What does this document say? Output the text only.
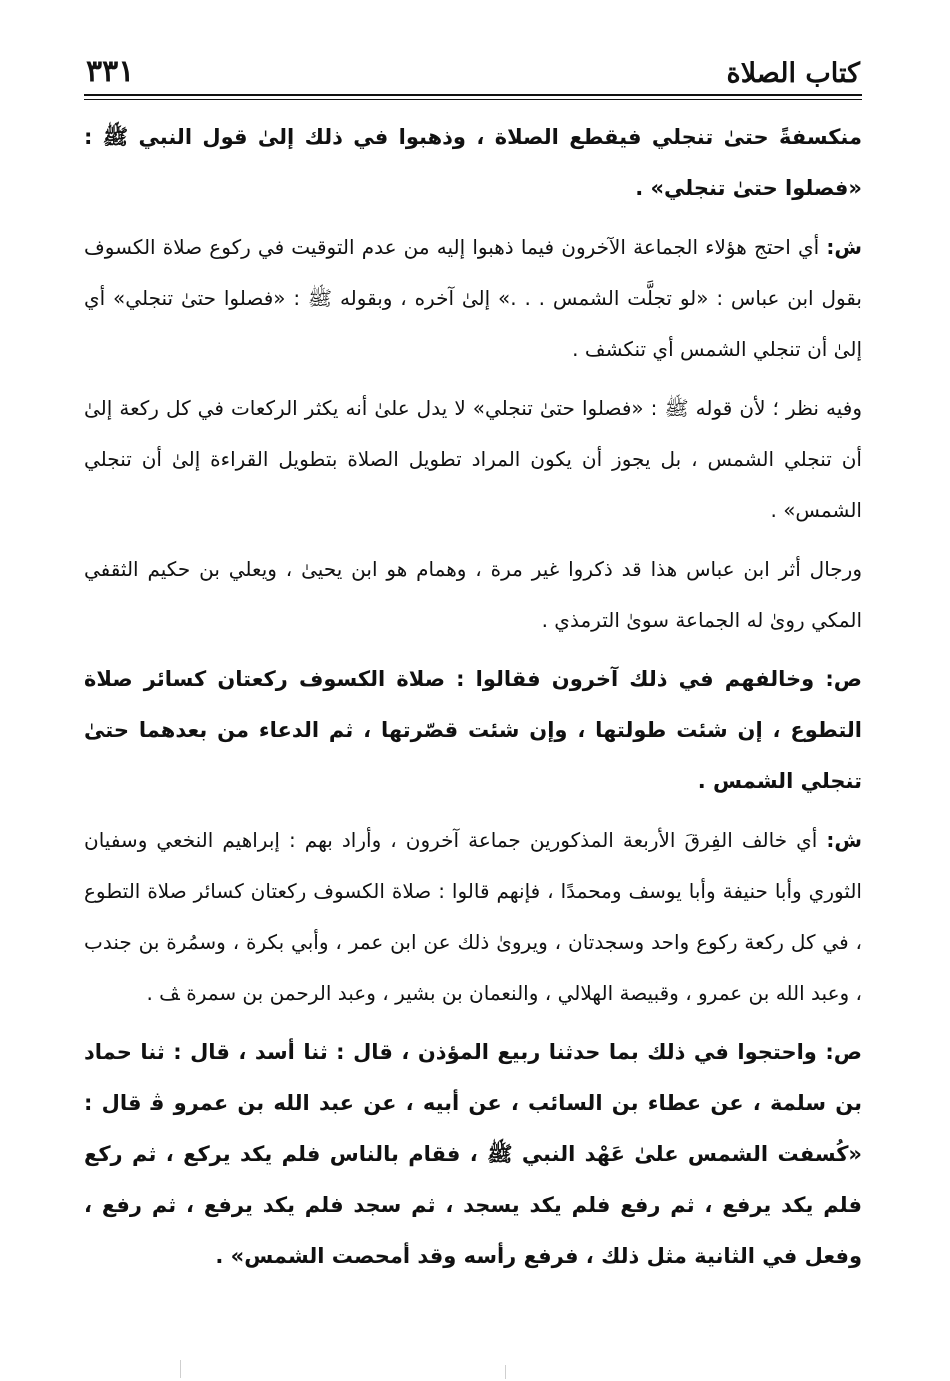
كتاب الصلاة
٣٣١

منكسفةً حتىٰ تنجلي فيقطع الصلاة ، وذهبوا في ذلك إلىٰ قول النبي ﷺ : «فصلوا حتىٰ تنجلي» .

ش: أي احتج هؤلاء الجماعة الآخرون فيما ذهبوا إليه من عدم التوقيت في ركوع صلاة الكسوف بقول ابن عباس : «لو تجلَّت الشمس . . .» إلىٰ آخره ، وبقوله ﷺ : «فصلوا حتىٰ تنجلي» أي إلىٰ أن تنجلي الشمس أي تنكشف .

وفيه نظر ؛ لأن قوله ﷺ : «فصلوا حتىٰ تنجلي» لا يدل علىٰ أنه يكثر الركعات في كل ركعة إلىٰ أن تنجلي الشمس ، بل يجوز أن يكون المراد تطويل الصلاة بتطويل القراءة إلىٰ أن تنجلي الشمس» .

ورجال أثر ابن عباس هذا قد ذكروا غير مرة ، وهمام هو ابن يحيىٰ ، ويعلي بن حكيم الثقفي المكي روىٰ له الجماعة سوىٰ الترمذي .

ص: وخالفهم في ذلك آخرون فقالوا : صلاة الكسوف ركعتان كسائر صلاة التطوع ، إن شئت طولتها ، وإن شئت قصّرتها ، ثم الدعاء من بعدهما حتىٰ تنجلي الشمس .

ش: أي خالف الفِرقَ الأربعة المذكورين جماعة آخرون ، وأراد بهم : إبراهيم النخعي وسفيان الثوري وأبا حنيفة وأبا يوسف ومحمدًا ، فإنهم قالوا : صلاة الكسوف ركعتان كسائر صلاة التطوع ، في كل ركعة ركوع واحد وسجدتان ، ويروىٰ ذلك عن ابن عمر ، وأبي بكرة ، وسمُرة بن جندب ، وعبد الله بن عمرو ، وقبيصة الهلالي ، والنعمان بن بشير ، وعبد الرحمن بن سمرة ﭫ .

ص: واحتجوا في ذلك بما حدثنا ربيع المؤذن ، قال : ثنا أسد ، قال : ثنا حماد بن سلمة ، عن عطاء بن السائب ، عن أبيه ، عن عبد الله بن عمرو ﭬ قال : «كُسفت الشمس علىٰ عَهْد النبي ﷺ ، فقام بالناس فلم يكد يركع ، ثم ركع فلم يكد يرفع ، ثم رفع فلم يكد يسجد ، ثم سجد فلم يكد يرفع ، ثم رفع ، وفعل في الثانية مثل ذلك ، فرفع رأسه وقد أمحصت الشمس» .
